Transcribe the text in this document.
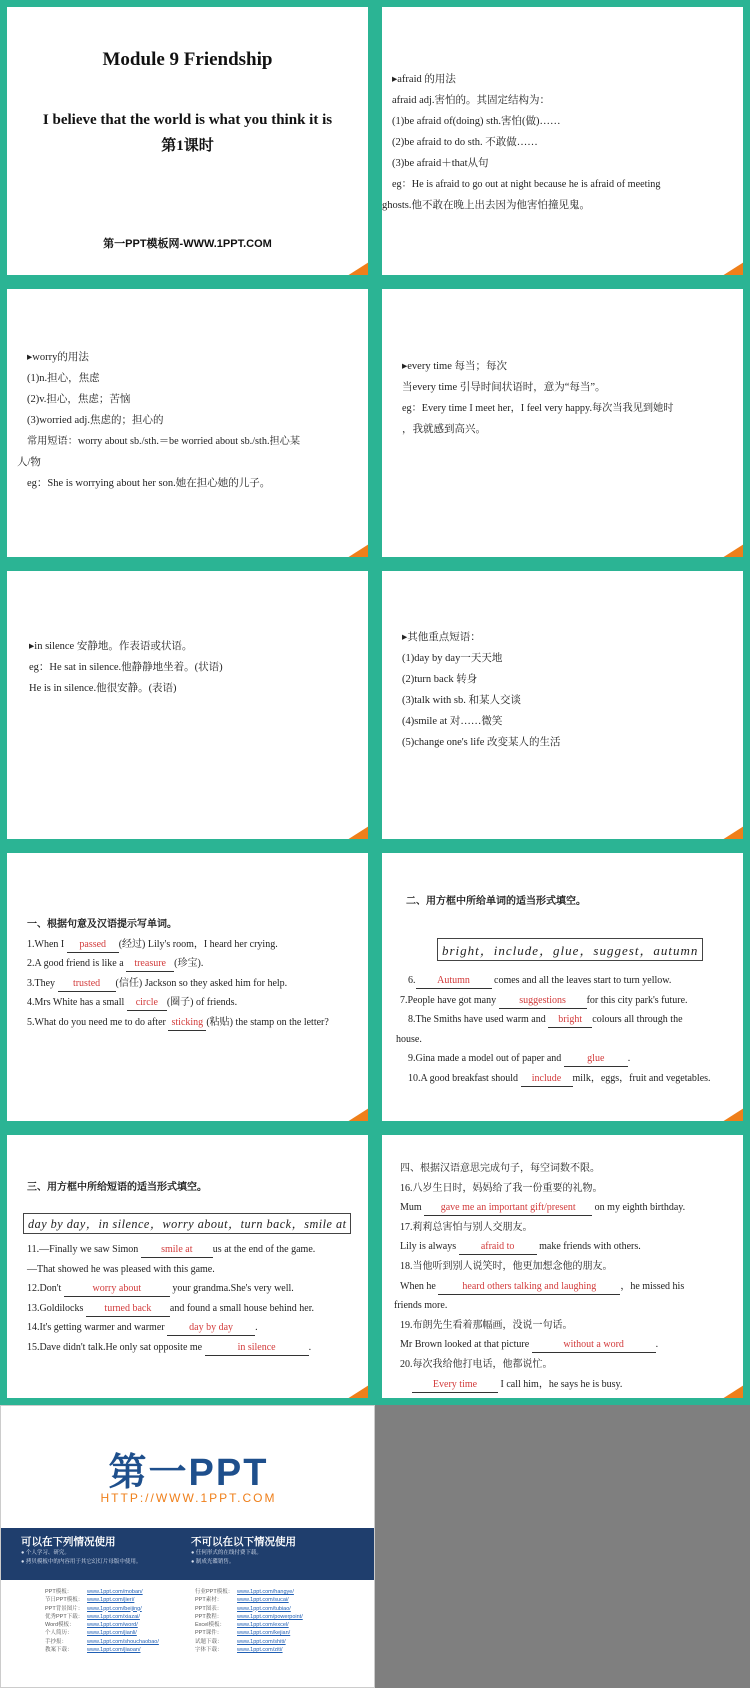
Module 9 Friendship
I believe that the world is what you think it is
第1课时
第一PPT模板网-WWW.1PPT.COM
▸afraid 的用法
afraid adj.害怕的。其固定结构为：
(1)be afraid of(doing) sth.害怕(做)……
(2)be afraid to do sth. 不敢做……
(3)be afraid＋that从句
eg：He is afraid to go out at night because he is afraid of meeting
ghosts.他不敢在晚上出去因为他害怕撞见鬼。
▸worry的用法
(1)n.担心，焦虑
(2)v.担心，焦虑；苦恼
(3)worried adj.焦虑的；担心的
常用短语：worry about sb./sth.＝be worried about sb./sth.担心某
人/物
eg：She is worrying about her son.她在担心她的儿子。
▸every time 每当；每次
当every time 引导时间状语时，意为“每当”。
eg：Every time I meet her，I feel very happy.每次当我见到她时
，我就感到高兴。
▸in silence 安静地。作表语或状语。
eg：He sat in silence.他静静地坐着。(状语)
He is in silence.他很安静。(表语)
▸其他重点短语：
(1)day by day一天天地
(2)turn back 转身
(3)talk with sb. 和某人交谈
(4)smile at 对……微笑
(5)change one's life 改变某人的生活
一、根据句意及汉语提示写单词。
1.When I passed (经过) Lily's room，I heard her crying.
2.A good friend is like a treasure (珍宝).
3.They trusted (信任) Jackson so they asked him for help.
4.Mrs White has a small circle (圈子) of friends.
5.What do you need me to do after sticking (粘贴) the stamp on the letter?
二、用方框中所给单词的适当形式填空。
bright，include，glue，suggest，autumn
6. Autumn comes and all the leaves start to turn yellow.
7.People have got many suggestions for this city park's future.
8.The Smiths have used warm and bright colours all through the
house.
9.Gina made a model out of paper and glue .
10.A good breakfast should include milk，eggs，fruit and vegetables.
三、用方框中所给短语的适当形式填空。
day by day，in silence，worry about，turn back，smile at
11.—Finally we saw Simon smile at us at the end of the game.
—That showed he was pleased with this game.
12.Don't	worry about	your grandma.She's very well.
13.Goldilocks turned back and found a small house behind her.
14.It's getting warmer and warmer day by day .
15.Dave didn't talk.He only sat opposite me	in silence	.
四、根据汉语意思完成句子，每空词数不限。
16.八岁生日时，妈妈给了我一份重要的礼物。
Mum gave me an important gift/present on my eighth birthday.
17.莉莉总害怕与别人交朋友。
Lily is always afraid to make friends with others.
18.当他听到别人说笑时，他更加想念他的朋友。
When he heard others talking and laughing ，he missed his
friends more.
19.布朗先生看着那幅画，没说一句话。
Mr Brown looked at that picture	without a word	.
20.每次我给他打电话，他都说忙。
Every time I call him，he says he is busy.
第一PPT
HTTP://WWW.1PPT.COM
可以在下列情况使用
● 个人学习、研究。
● 拷贝模板中的内容用于其它幻灯片母版中使用。
不可以在以下情况使用
● 任何形式的在线付费下载。
● 制成光碟销售。
PPT模板：	www.1ppt.com/moban/
节日PPT模板： www.1ppt.com/jieri/
PPT背景图片： www.1ppt.com/beijing/
优秀PPT下载： www.1ppt.com/xiazai/
Word模板： www.1ppt.com/word/
个人简历：	www.1ppt.com/jianli/
手抄报：	www.1ppt.com/shouchaobao/
教案下载：	www.1ppt.com/jiaoan/
行业PPT模板： www.1ppt.com/hangye/
PPT素材：	www.1ppt.com/sucai/
PPT图表：	www.1ppt.com/tubiao/
PPT教程：	www.1ppt.com/powerpoint/
Excel模板： www.1ppt.com/excel/
PPT课件：	www.1ppt.com/kejian/
试题下载：	www.1ppt.com/shiti/
字体下载：	www.1ppt.com/ziti/
